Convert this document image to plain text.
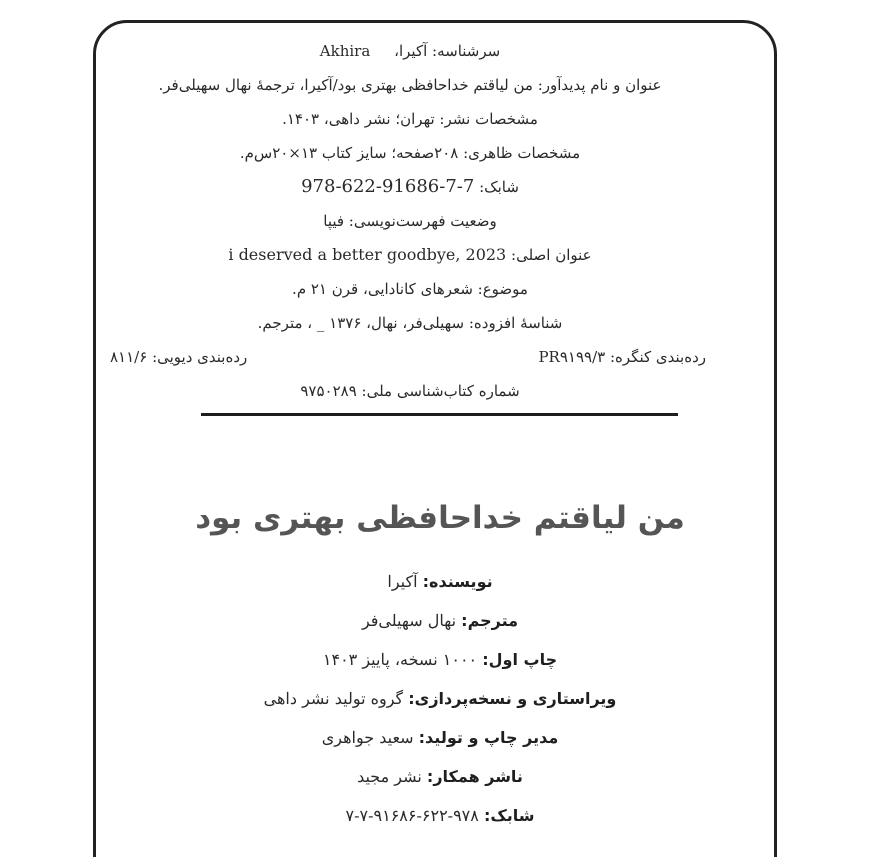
سرشناسه: آکیرا،     Akhira
عنوان و نام پدیدآور: من لیاقتم خداحافظی بهتری بود/آکیرا، ترجمهٔ نهال سهیلی‌فر.
مشخصات نشر: تهران؛ نشر داهی، ۱۴۰۳.
مشخصات ظاهری: ۲۰۸صفحه؛ سایز کتاب ۱۳×۲۰س‌م.
شابک: 978-622-91686-7-7
وضعیت فهرست‌نویسی: فیپا
عنوان اصلی: i deserved a better goodbye, 2023
موضوع: شعرهای کانادایی، قرن ۲۱ م.
شناسهٔ افزوده: سهیلی‌فر، نهال، ۱۳۷۶ _ ، مترجم.
رده‌بندی کنگره: PR۹۱۹۹/۳
رده‌بندی دیویی: ۸۱۱/۶
شماره کتاب‌شناسی ملی: ۹۷۵۰۲۸۹
من لیاقتم خداحافظی بهتری بود
نویسنده: آکیرا
مترجم: نهال سهیلی‌فر
چاپ اول: ۱۰۰۰ نسخه، پاییز ۱۴۰۳
ویراستاری و نسخه‌پردازی: گروه تولید نشر داهی
مدیر چاپ و تولید: سعید جواهری
ناشر همکار: نشر مجید
شابک: ۹۷۸-۶۲۲-۹۱۶۸۶-۷-۷
